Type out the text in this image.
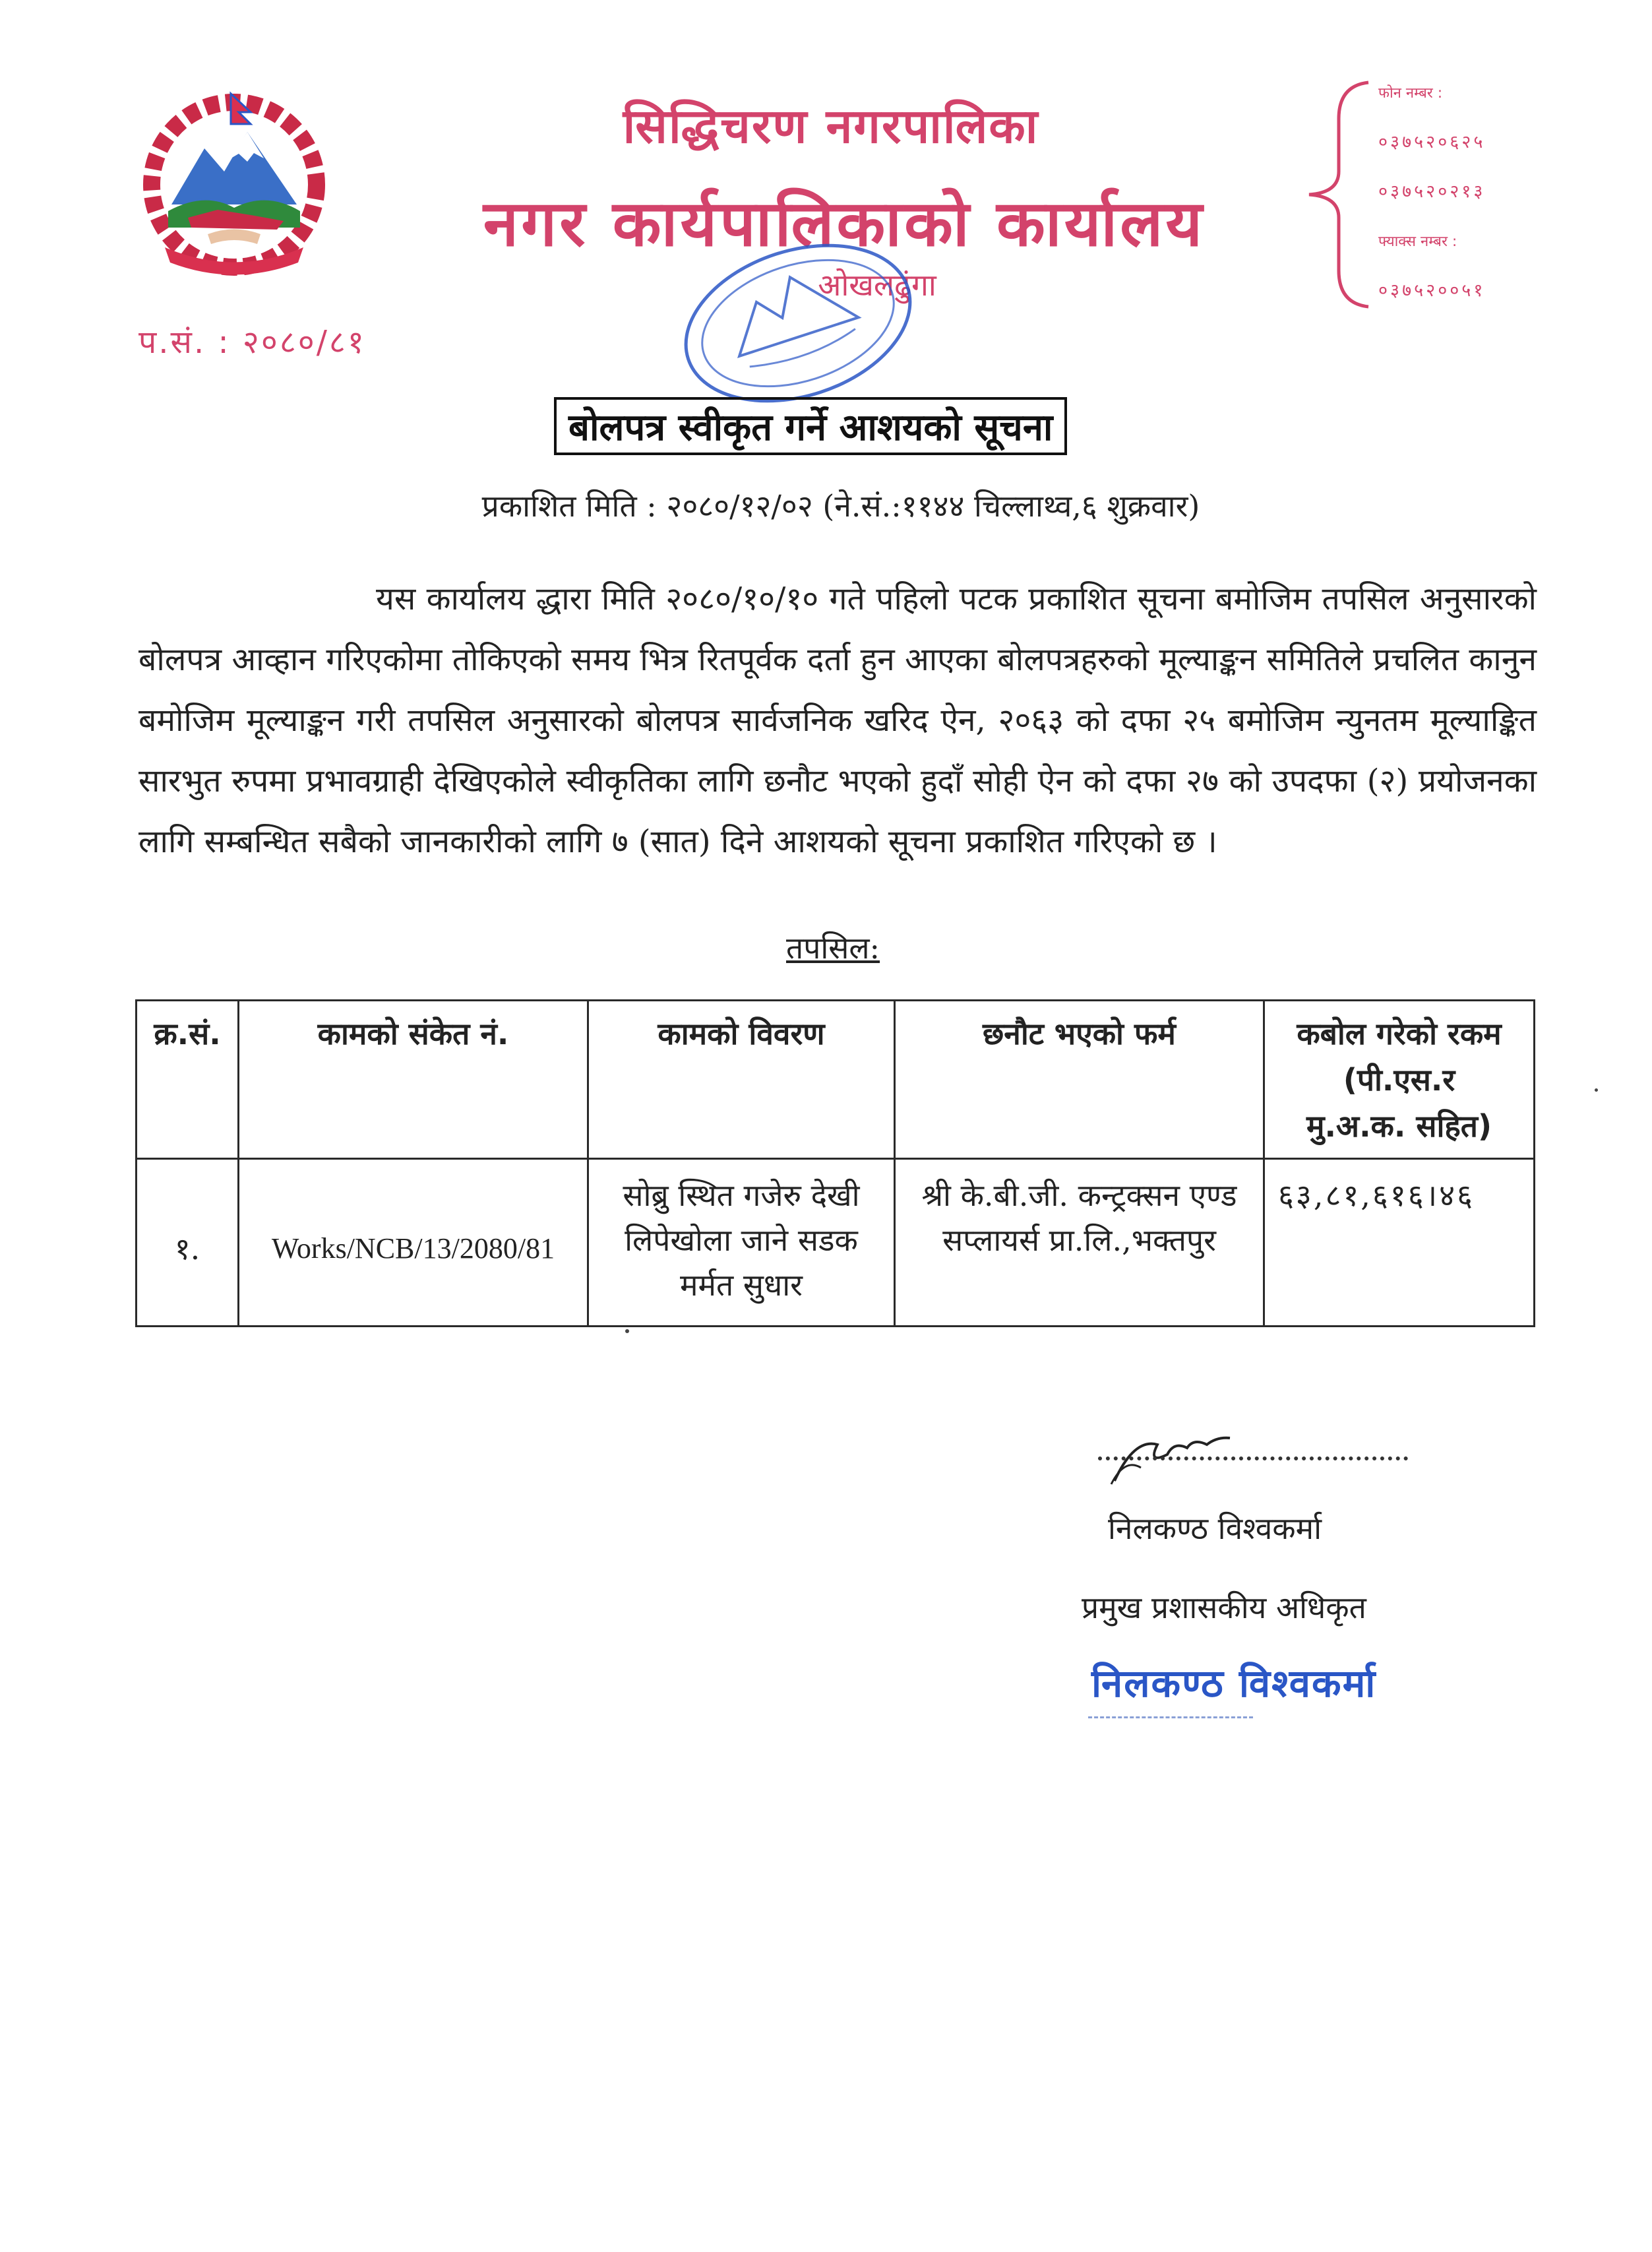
सिद्धिचरण नगरपालिका
नगर कार्यपालिकाको कार्यालय
ओखलढुंगा
प.सं. : २०८०/८१
फोन नम्बर :
०३७५२०६२५
०३७५२०२१३
फ्याक्स नम्बर :
०३७५२००५१
बोलपत्र स्वीकृत गर्ने आशयको सूचना
प्रकाशित मिति : २०८०/१२/०२ (ने.सं.:११४४ चिल्लाथ्व,६ शुक्रवार)
यस कार्यालय द्धारा मिति २०८०/१०/१० गते पहिलो पटक प्रकाशित सूचना बमोजिम तपसिल अनुसारको बोलपत्र आव्हान गरिएकोमा तोकिएको समय भित्र रितपूर्वक दर्ता हुन आएका बोलपत्रहरुको मूल्याङ्कन समितिले प्रचलित कानुन बमोजिम मूल्याङ्कन गरी तपसिल अनुसारको बोलपत्र सार्वजनिक खरिद ऐन, २०६३ को दफा २५ बमोजिम न्युनतम मूल्याङ्कित सारभुत रुपमा प्रभावग्राही देखिएकोले स्वीकृतिका लागि छनौट भएको हुदाँ सोही ऐन को दफा २७ को उपदफा (२) प्रयोजनका लागि सम्बन्धित सबैको जानकारीको लागि ७ (सात) दिने आशयको सूचना प्रकाशित गरिएको छ ।
तपसिल:
क्र.सं.	कामको संकेत नं.	कामको विवरण	छनौट भएको फर्म	कबोल गरेको रकम (पी.एस.र मु.अ.क. सहित)
१.	Works/NCB/13/2080/81	सोब्रु स्थित गजेरु देखी लिपेखोला जाने सडक मर्मत सुधार	श्री के.बी.जी. कन्ट्रक्सन एण्ड सप्लायर्स प्रा.लि.,भक्तपुर	६३,८१,६१६।४६
निलकण्ठ विश्वकर्मा
प्रमुख प्रशासकीय अधिकृत
निलकण्ठ विश्वकर्मा
